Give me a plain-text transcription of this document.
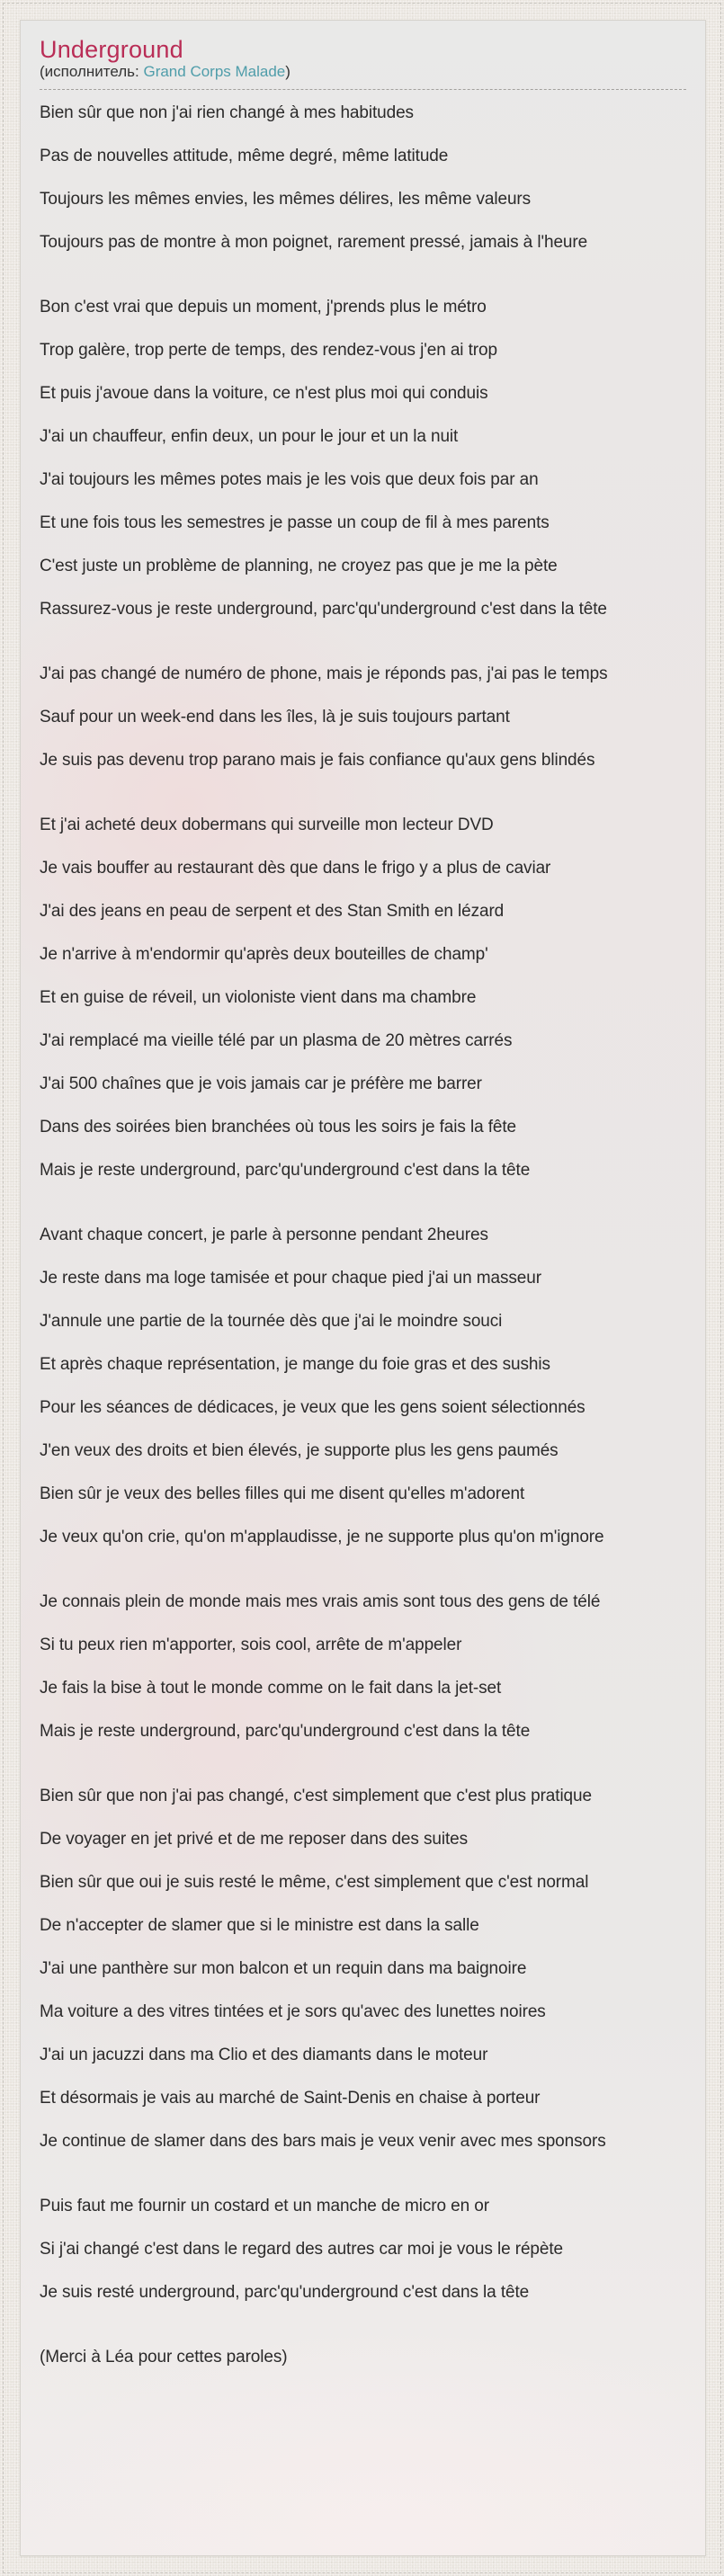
Underground
(исполнитель: Grand Corps Malade)
Bien sûr que non j'ai rien changé à mes habitudes
Pas de nouvelles attitude, même degré, même latitude
Toujours les mêmes envies, les mêmes délires, les même valeurs
Toujours pas de montre à mon poignet, rarement pressé, jamais à l'heure
Bon c'est vrai que depuis un moment, j'prends plus le métro
Trop galère, trop perte de temps, des rendez-vous j'en ai trop
Et puis j'avoue dans la voiture, ce n'est plus moi qui conduis
J'ai un chauffeur, enfin deux, un pour le jour et un la nuit
J'ai toujours les mêmes potes mais je les vois que deux fois par an
Et une fois tous les semestres je passe un coup de fil à mes parents
C'est juste un problème de planning, ne croyez pas que je me la pète
Rassurez-vous je reste underground, parc'qu'underground c'est dans la tête
J'ai pas changé de numéro de phone, mais je réponds pas, j'ai pas le temps
Sauf pour un week-end dans les îles, là je suis toujours partant
Je suis pas devenu trop parano mais je fais confiance qu'aux gens blindés
Et j'ai acheté deux dobermans qui surveille mon lecteur DVD
Je vais bouffer au restaurant dès que dans le frigo y a plus de caviar
J'ai des jeans en peau de serpent et des Stan Smith en lézard
Je n'arrive à m'endormir qu'après deux bouteilles de champ'
Et en guise de réveil, un violoniste vient dans ma chambre
J'ai remplacé ma vieille télé par un plasma de 20 mètres carrés
J'ai 500 chaînes que je vois jamais car je préfère me barrer
Dans des soirées bien branchées où tous les soirs je fais la fête
Mais je reste underground, parc'qu'underground c'est dans la tête
Avant chaque concert, je parle à personne pendant 2heures
Je reste dans ma loge tamisée et pour chaque pied j'ai un masseur
J'annule une partie de la tournée dès que j'ai le moindre souci
Et après chaque représentation, je mange du foie gras et des sushis
Pour les séances de dédicaces, je veux que les gens soient sélectionnés
J'en veux des droits et bien élevés, je supporte plus les gens paumés
Bien sûr je veux des belles filles qui me disent qu'elles m'adorent
Je veux qu'on crie, qu'on m'applaudisse, je ne supporte plus qu'on m'ignore
Je connais plein de monde mais mes vrais amis sont tous des gens de télé
Si tu peux rien m'apporter, sois cool, arrête de m'appeler
Je fais la bise à tout le monde comme on le fait dans la jet-set
Mais je reste underground, parc'qu'underground c'est dans la tête
Bien sûr que non j'ai pas changé, c'est simplement que c'est plus pratique
De voyager en jet privé et de me reposer dans des suites
Bien sûr que oui je suis resté le même, c'est simplement que c'est normal
De n'accepter de slamer que si le ministre est dans la salle
J'ai une panthère sur mon balcon et un requin dans ma baignoire
Ma voiture a des vitres tintées et je sors qu'avec des lunettes noires
J'ai un jacuzzi dans ma Clio et des diamants dans le moteur
Et désormais je vais au marché de Saint-Denis en chaise à porteur
Je continue de slamer dans des bars mais je veux venir avec mes sponsors
Puis faut me fournir un costard et un manche de micro en or
Si j'ai changé c'est dans le regard des autres car moi je vous le répète
Je suis resté underground, parc'qu'underground c'est dans la tête
(Merci à Léa pour cettes paroles)
